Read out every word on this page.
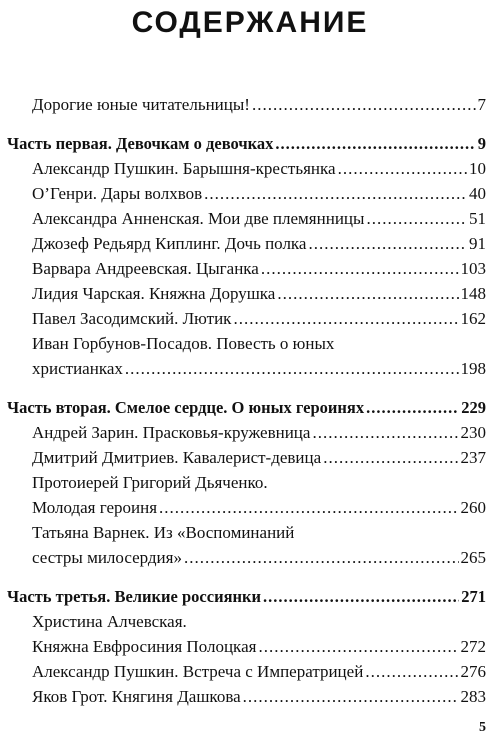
СОДЕРЖАНИЕ
Дорогие юные читательницы! .....	7
Часть первая. Девочкам о девочках .....	9
Александр Пушкин. Барышня-крестьянка .....	10
О’Генри. Дары волхвов .....	40
Александра Анненская. Мои две племянницы .....	51
Джозеф Редьярд Киплинг. Дочь полка .....	91
Варвара Андреевская. Цыганка .....	103
Лидия Чарская. Княжна Дорушка .....	148
Павел Засодимский. Лютик .....	162
Иван Горбунов-Посадов. Повесть о юных
христианках .....	198
Часть вторая. Смелое сердце. О юных героинях .....	229
Андрей Зарин. Прасковья-кружевница .....	230
Дмитрий Дмитриев. Кавалерист-девица .....	237
Протоиерей Григорий Дьяченко.
Молодая героиня .....	260
Татьяна Варнек. Из «Воспоминаний
сестры милосердия» .....	265
Часть третья. Великие россиянки .....	271
Христина Алчевская.
Княжна Евфросиния Полоцкая .....	272
Александр Пушкин. Встреча с Императрицей .....	276
Яков Грот. Княгиня Дашкова .....	283
5
